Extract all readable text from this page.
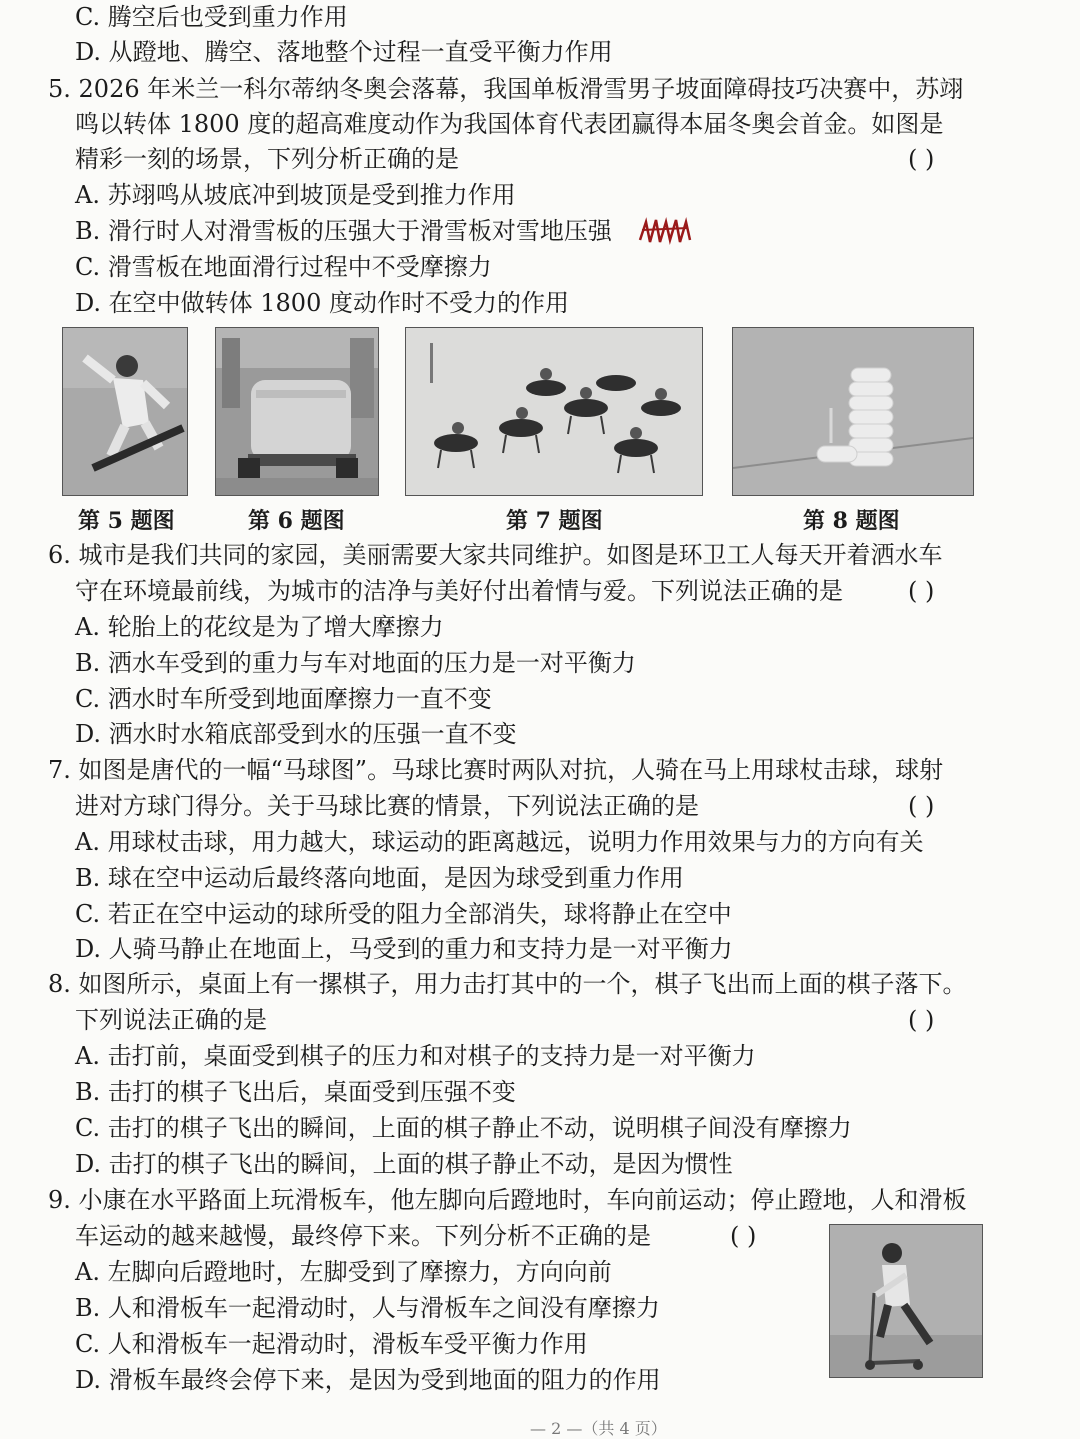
C. 腾空后也受到重力作用
D. 从蹬地、腾空、落地整个过程一直受平衡力作用
5. 2026 年米兰一科尔蒂纳冬奥会落幕，我国单板滑雪男子坡面障碍技巧决赛中，苏翊
鸣以转体 1800 度的超高难度动作为我国体育代表团赢得本届冬奥会首金。如图是
精彩一刻的场景，下列分析正确的是	( )
A. 苏翊鸣从坡底冲到坡顶是受到推力作用
B. 滑行时人对滑雪板的压强大于滑雪板对雪地压强
C. 滑雪板在地面滑行过程中不受摩擦力
D. 在空中做转体 1800 度动作时不受力的作用
第 5 题图	第 6 题图	第 7 题图	第 8 题图
6. 城市是我们共同的家园，美丽需要大家共同维护。如图是环卫工人每天开着洒水车
守在环境最前线，为城市的洁净与美好付出着情与爱。下列说法正确的是	( )
A. 轮胎上的花纹是为了增大摩擦力
B. 洒水车受到的重力与车对地面的压力是一对平衡力
C. 洒水时车所受到地面摩擦力一直不变
D. 洒水时水箱底部受到水的压强一直不变
7. 如图是唐代的一幅“马球图”。马球比赛时两队对抗，人骑在马上用球杖击球，球射
进对方球门得分。关于马球比赛的情景，下列说法正确的是	( )
A. 用球杖击球，用力越大，球运动的距离越远，说明力作用效果与力的方向有关
B. 球在空中运动后最终落向地面，是因为球受到重力作用
C. 若正在空中运动的球所受的阻力全部消失，球将静止在空中
D. 人骑马静止在地面上，马受到的重力和支持力是一对平衡力
8. 如图所示，桌面上有一摞棋子，用力击打其中的一个，棋子飞出而上面的棋子落下。
下列说法正确的是	( )
A. 击打前，桌面受到棋子的压力和对棋子的支持力是一对平衡力
B. 击打的棋子飞出后，桌面受到压强不变
C. 击打的棋子飞出的瞬间，上面的棋子静止不动，说明棋子间没有摩擦力
D. 击打的棋子飞出的瞬间，上面的棋子静止不动，是因为惯性
9. 小康在水平路面上玩滑板车，他左脚向后蹬地时，车向前运动；停止蹬地，人和滑板
车运动的越来越慢，最终停下来。下列分析不正确的是	( )
A. 左脚向后蹬地时，左脚受到了摩擦力，方向向前
B. 人和滑板车一起滑动时，人与滑板车之间没有摩擦力
C. 人和滑板车一起滑动时，滑板车受平衡力作用
D. 滑板车最终会停下来，是因为受到地面的阻力的作用
— 2 —（共 4 页）
